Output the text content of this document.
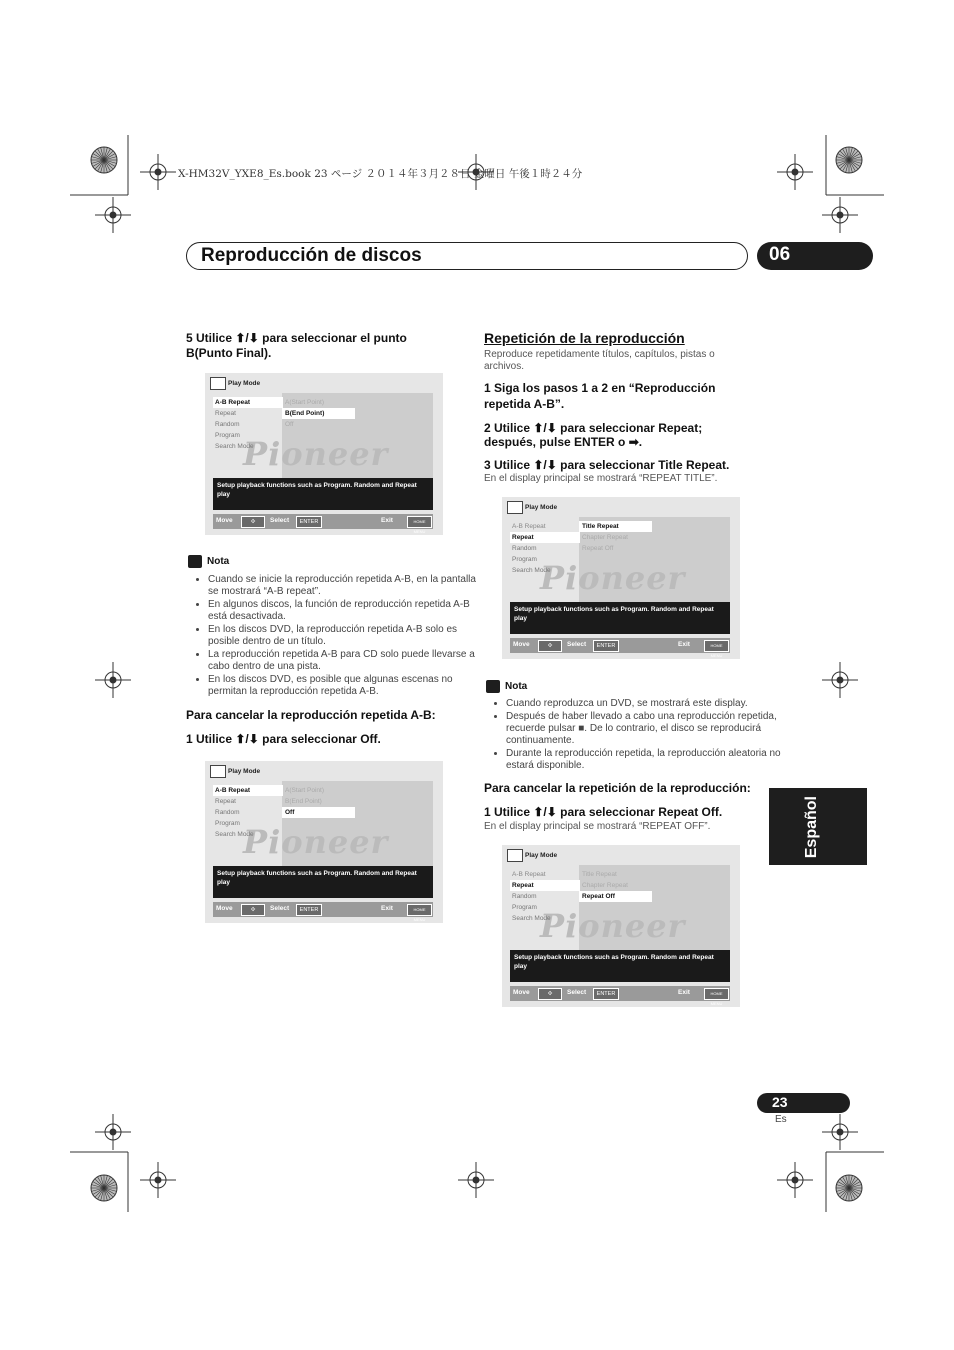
X-HM32V_YXE8_Es.book 23 ページ ２０１４年３月２８日 金曜日 午後１時２４分
Reproducción de discos	06
5 Utilice ⬆/⬇ para seleccionar el punto
B(Punto Final).
Play Mode
A(Start Point)
B(End Point)
Off
Pioneer
A-B Repeat
Repeat
Random
Program
Search Mode
Setup playback functions such as Program. Random and Repeat play
Move	✣	Select	ENTER	Exit	HOME MENU
Nota
• Cuando se inicie la reproducción repetida A-B, en la pantalla se mostrará “A-B repeat”.
• En algunos discos, la función de reproducción repetida A-B está desactivada.
• En los discos DVD, la reproducción repetida A-B solo es posible dentro de un título.
• La reproducción repetida A-B para CD solo puede llevarse a cabo dentro de una pista.
• En los discos DVD, es posible que algunas escenas no permitan la reproducción repetida A-B.
Para cancelar la reproducción repetida A-B:
1 Utilice ⬆/⬇ para seleccionar Off.
Play Mode
A(Start Point)
B(End Point)
Off
Pioneer
A-B Repeat
Repeat
Random
Program
Search Mode
Setup playback functions such as Program. Random and Repeat play
Move	✣	Select	ENTER	Exit	HOME MENU
Repetición de la reproducción
Reproduce repetidamente títulos, capítulos, pistas o archivos.
1 Siga los pasos 1 a 2 en “Reproducción
repetida A-B”.
2 Utilice ⬆/⬇ para seleccionar Repeat;
después, pulse ENTER o ➡.
3 Utilice ⬆/⬇ para seleccionar Title Repeat.
En el display principal se mostrará “REPEAT TITLE”.
Play Mode
Title Repeat
Chapter Repeat
Repeat Off
Pioneer
A-B Repeat
Repeat
Random
Program
Search Mode
Setup playback functions such as Program. Random and Repeat play
Move	✣	Select	ENTER	Exit	HOME MENU
Nota
• Cuando reproduzca un DVD, se mostrará este display.
• Después de haber llevado a cabo una reproducción repetida, recuerde pulsar ■. De lo contrario, el disco se reproducirá continuamente.
• Durante la reproducción repetida, la reproducción aleatoria no estará disponible.
Para cancelar la repetición de la reproducción:
1 Utilice ⬆/⬇ para seleccionar Repeat Off.
En el display principal se mostrará “REPEAT OFF”.
Play Mode
Title Repeat
Chapter Repeat
Repeat Off
Pioneer
A-B Repeat
Repeat
Random
Program
Search Mode
Setup playback functions such as Program. Random and Repeat play
Move	✣	Select	ENTER	Exit	HOME MENU
Español
23
Es
